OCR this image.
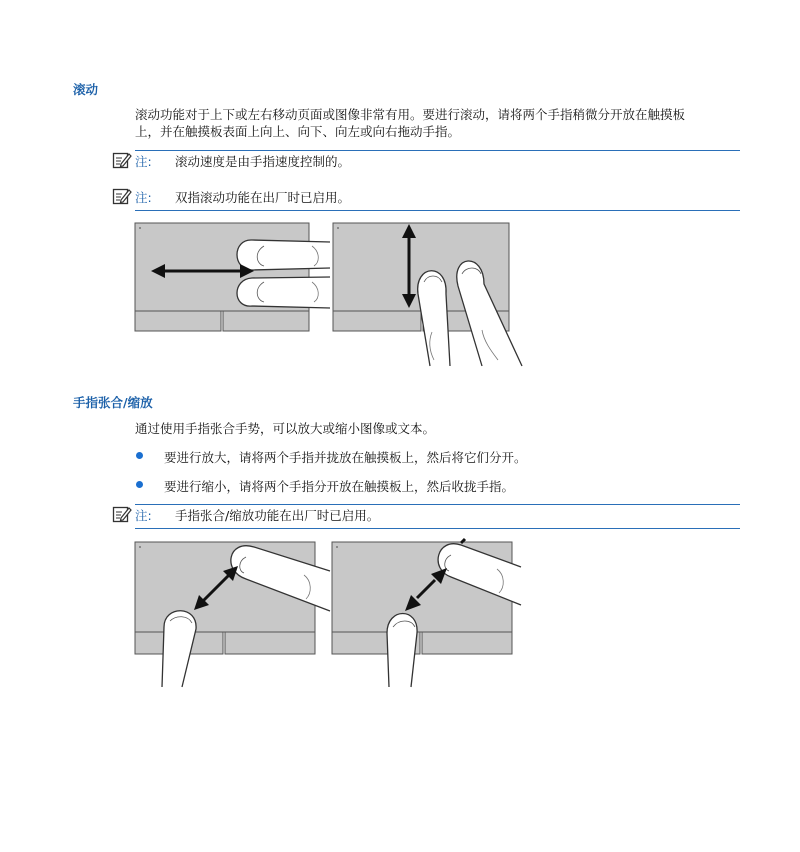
滚动
滚动功能对于上下或左右移动页面或图像非常有用。要进行滚动，请将两个手指稍微分开放在触摸板
上，并在触摸板表面上向上、向下、向左或向右拖动手指。
注: 滚动速度是由手指速度控制的。
注: 双指滚动功能在出厂时已启用。
手指张合/缩放
通过使用手指张合手势，可以放大或缩小图像或文本。
要进行放大，请将两个手指并拢放在触摸板上，然后将它们分开。
要进行缩小，请将两个手指分开放在触摸板上，然后收拢手指。
注: 手指张合/缩放功能在出厂时已启用。
